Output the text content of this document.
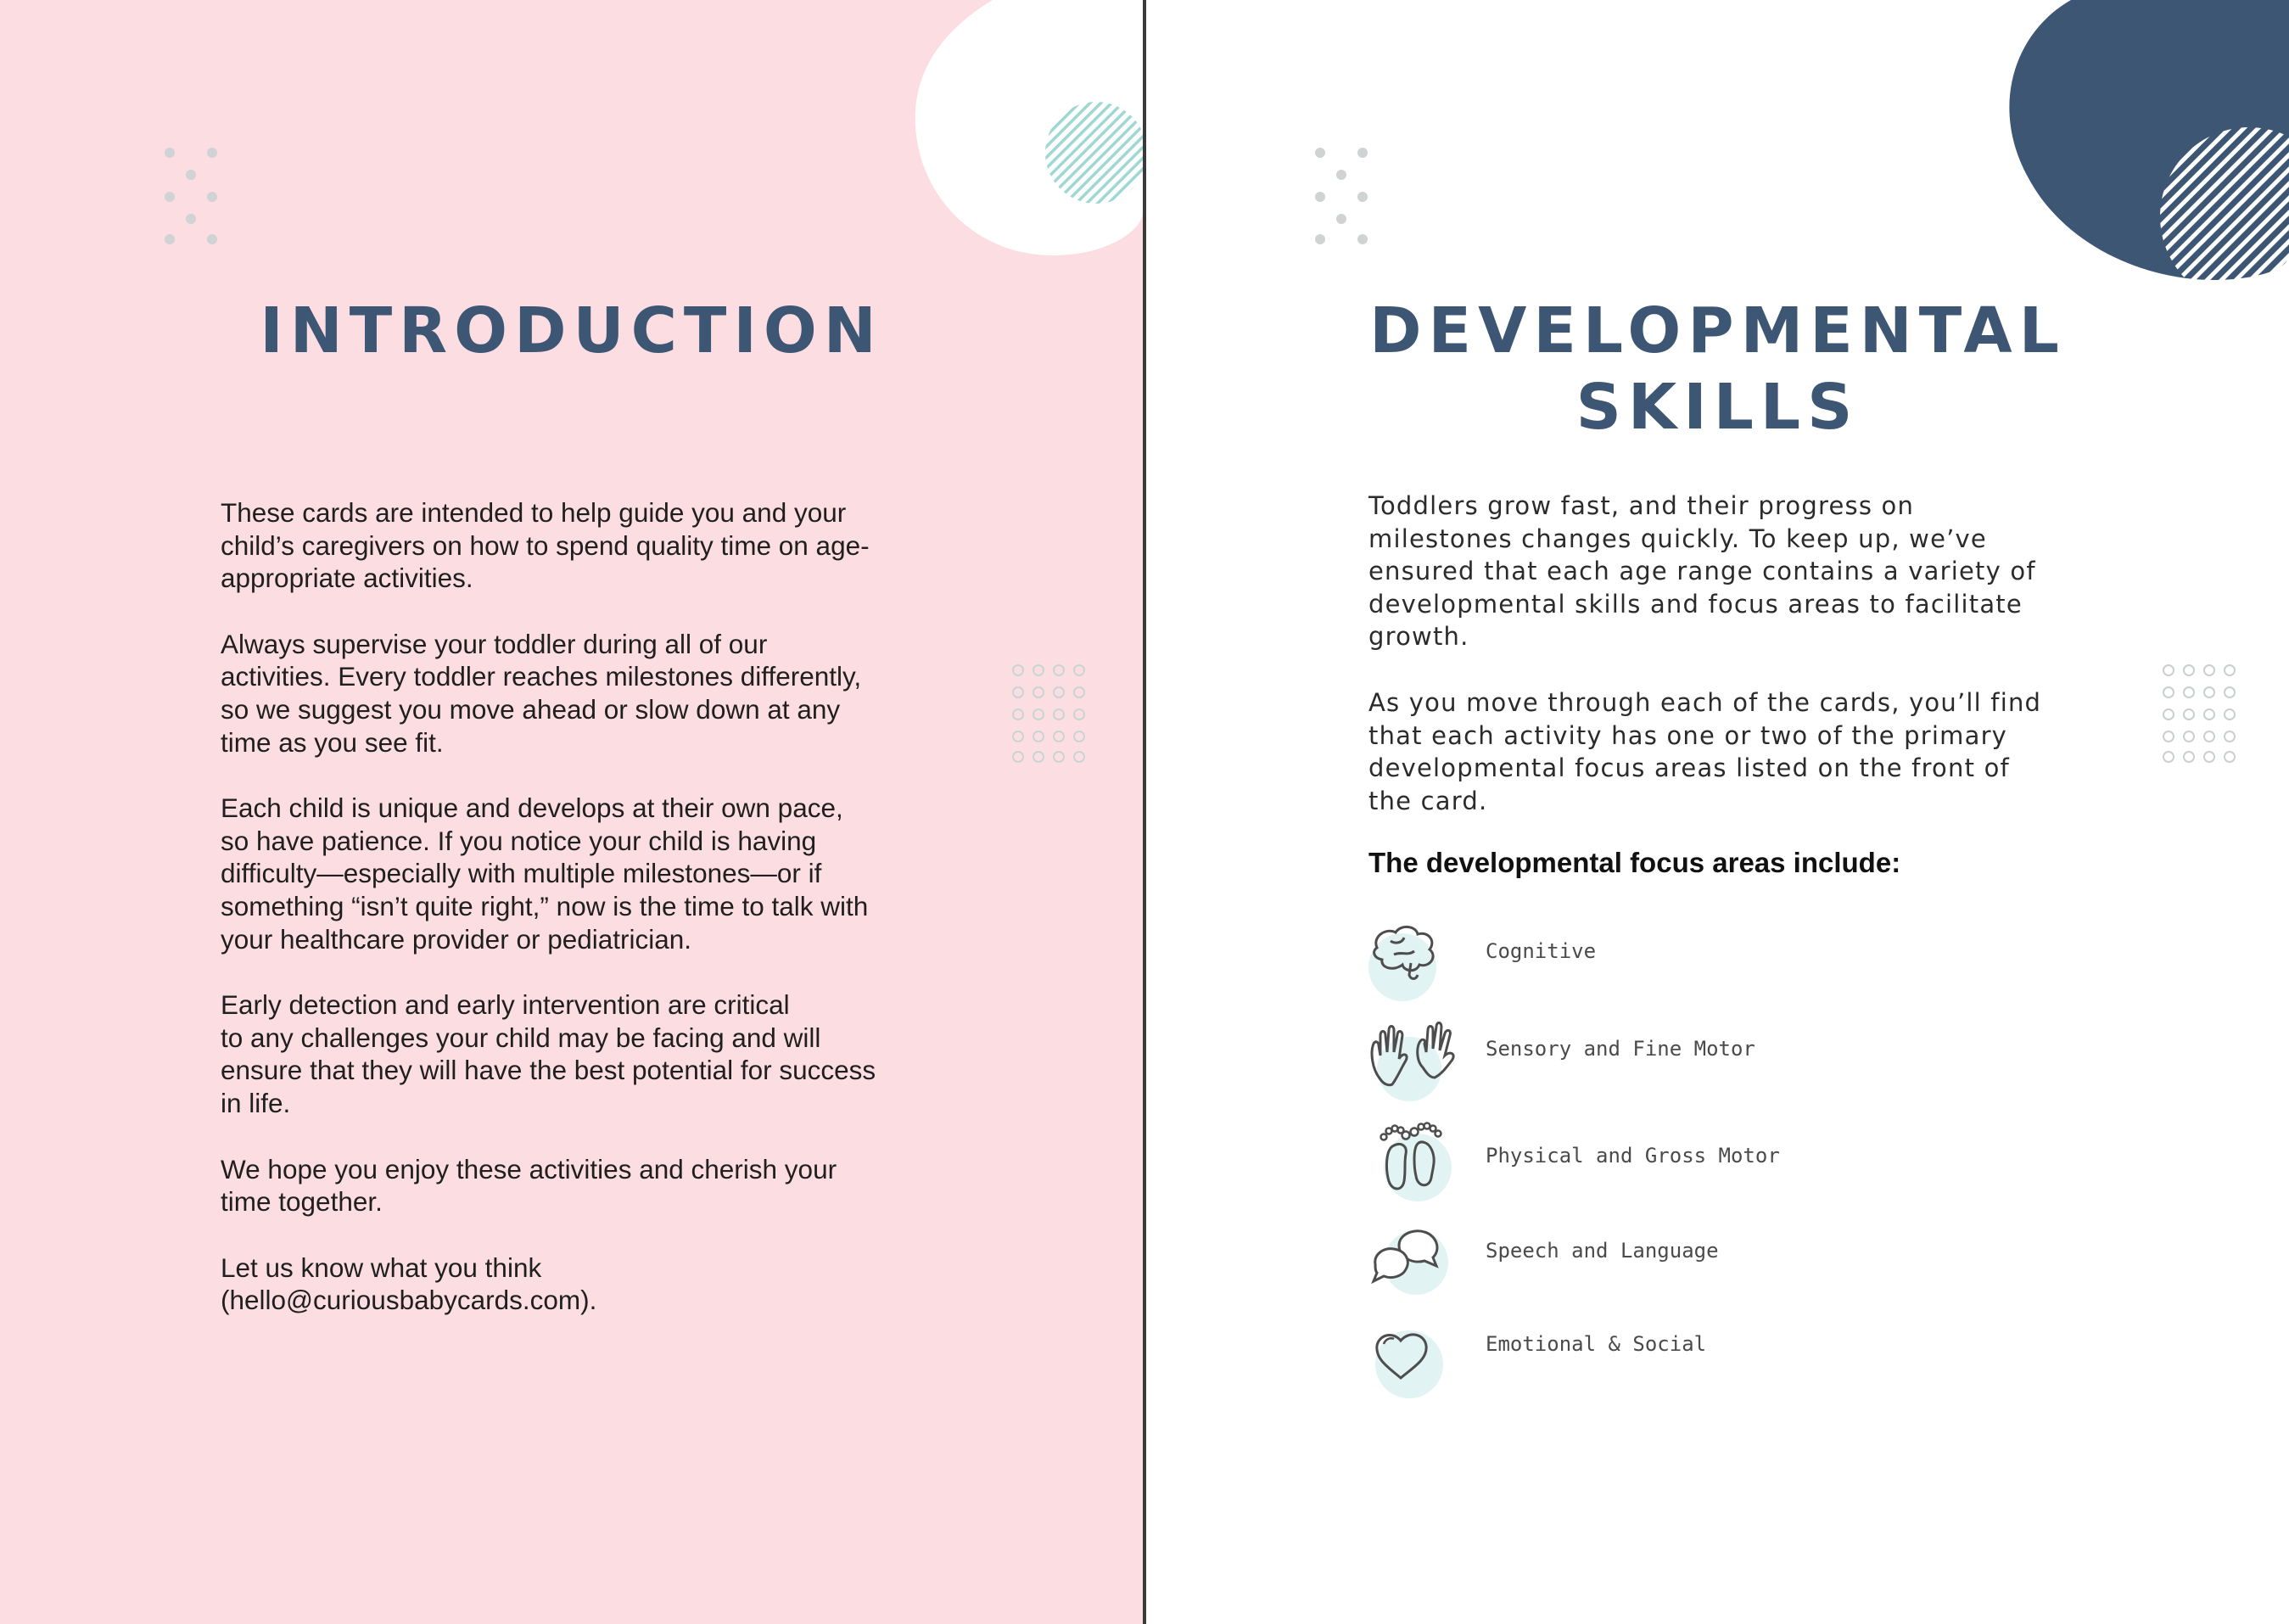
INTRODUCTION

These cards are intended to help guide you and your
child’s caregivers on how to spend quality time on age-
appropriate activities.

Always supervise your toddler during all of our
activities. Every toddler reaches milestones differently,
so we suggest you move ahead or slow down at any
time as you see fit.

Each child is unique and develops at their own pace,
so have patience. If you notice your child is having
difficulty—especially with multiple milestones—or if
something “isn’t quite right,” now is the time to talk with
your healthcare provider or pediatrician.

Early detection and early intervention are critical
to any challenges your child may be facing and will
ensure that they will have the best potential for success
in life.

We hope you enjoy these activities and cherish your
time together.

Let us know what you think
(hello@curiousbabycards.com).

DEVELOPMENTAL
SKILLS

Toddlers grow fast, and their progress on
milestones changes quickly. To keep up, we’ve
ensured that each age range contains a variety of
developmental skills and focus areas to facilitate
growth.

As you move through each of the cards, you’ll find
that each activity has one or two of the primary
developmental focus areas listed on the front of
the card.

The developmental focus areas include:

Cognitive
Sensory and Fine Motor
Physical and Gross Motor
Speech and Language
Emotional & Social
